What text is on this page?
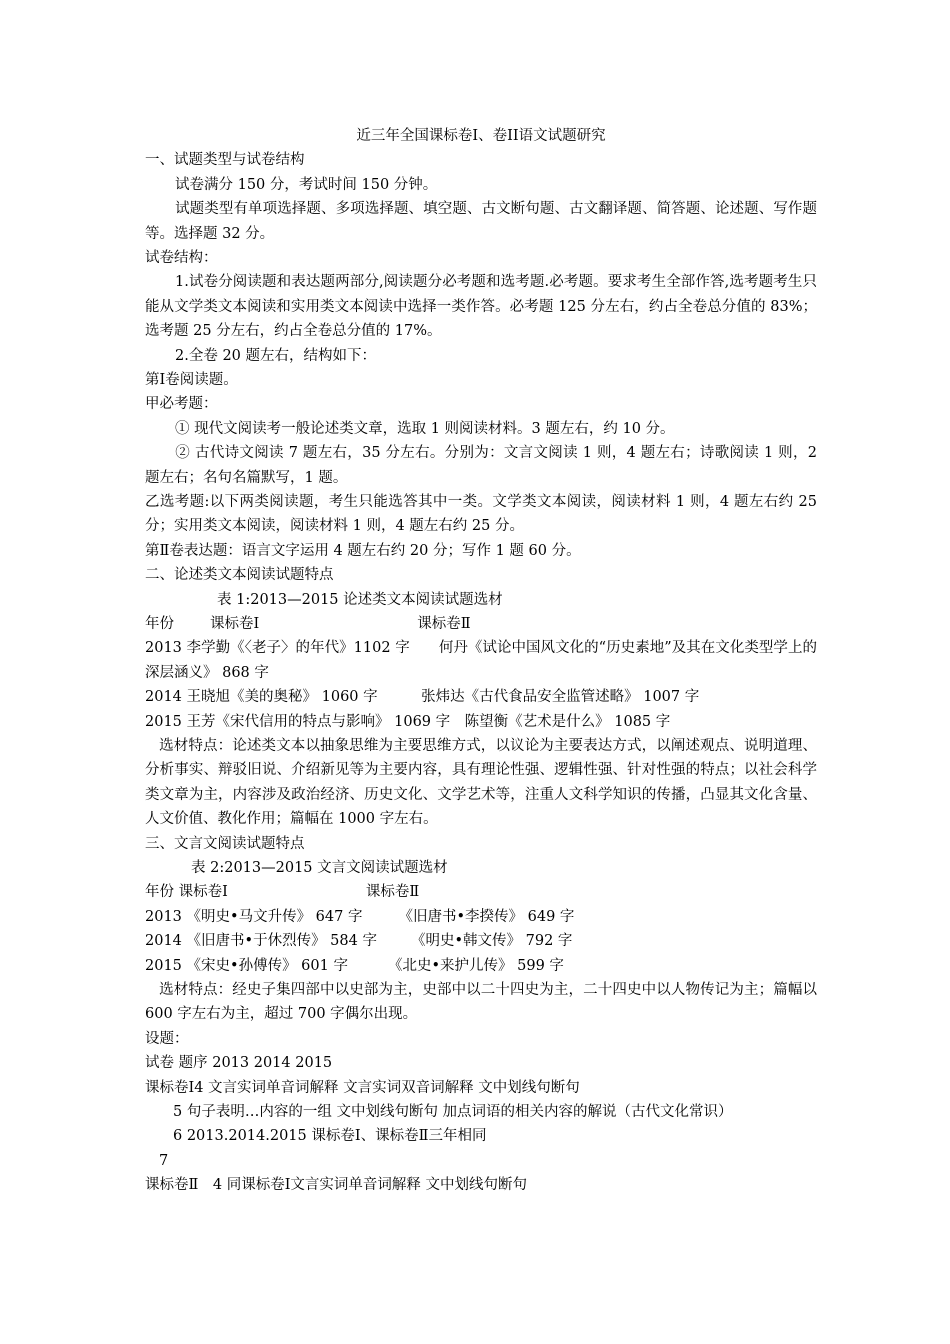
近三年全国课标卷I、卷II语文试题研究
一、试题类型与试卷结构
试卷满分 150 分，考试时间 150 分钟。
试题类型有单项选择题、多项选择题、填空题、古文断句题、古文翻译题、简答题、论述题、写作题等。选择题 32 分。
试卷结构：
1.试卷分阅读题和表达题两部分,阅读题分必考题和选考题.必考题。要求考生全部作答,选考题考生只能从文学类文本阅读和实用类文本阅读中选择一类作答。必考题 125 分左右，约占全卷总分值的 83%；选考题 25 分左右，约占全卷总分值的 17%。
2.全卷 20 题左右，结构如下：
第Ⅰ卷阅读题。
甲必考题：
① 现代文阅读考一般论述类文章，选取 1 则阅读材料。3 题左右，约 10 分。
② 古代诗文阅读 7 题左右，35 分左右。分别为：文言文阅读 1 则，4 题左右；诗歌阅读 1 则，2 题左右；名句名篇默写，1 题。
乙选考题:以下两类阅读题，考生只能选答其中一类。文学类文本阅读，阅读材料 1 则，4 题左右约 25 分；实用类文本阅读，阅读材料 1 则，4 题左右约 25 分。
第Ⅱ卷表达题：语言文字运用 4 题左右约 20 分；写作 1 题 60 分。
二、论述类文本阅读试题特点
表 1:2013—2015 论述类文本阅读试题选材
年份 课标卷Ⅰ	课标卷Ⅱ
2013 李学勤《〈老子〉的年代》1102 字　　何丹《试论中国风文化的“历史素地”及其在文化类型学上的深层涵义》 868 字
2014 王晓旭《美的奥秘》 1060 字　　　张炜达《古代食品安全监管述略》 1007 字
2015 王芳《宋代信用的特点与影响》 1069 字　陈望衡《艺术是什么》 1085 字
选材特点：论述类文本以抽象思维为主要思维方式，以议论为主要表达方式，以阐述观点、说明道理、分析事实、辩驳旧说、介绍新见等为主要内容，具有理论性强、逻辑性强、针对性强的特点；以社会科学类文章为主，内容涉及政治经济、历史文化、文学艺术等，注重人文科学知识的传播，凸显其文化含量、人文价值、教化作用；篇幅在 1000 字左右。
三、文言文阅读试题特点
表 2:2013—2015 文言文阅读试题选材
年份 课标卷Ⅰ	课标卷Ⅱ
2013 《明史•马文升传》 647 字 《旧唐书•李揆传》 649 字
2014 《旧唐书•于休烈传》 584 字 《明史•韩文传》 792 字
2015 《宋史•孙傅传》 601 字	《北史•来护儿传》 599 字
选材特点：经史子集四部中以史部为主，史部中以二十四史为主，二十四史中以人物传记为主；篇幅以 600 字左右为主，超过 700 字偶尔出现。
设题：
试卷 题序 2013 2014 2015
课标卷Ⅰ4 文言实词单音词解释 文言实词双音词解释 文中划线句断句
5 句子表明…内容的一组 文中划线句断句 加点词语的相关内容的解说（古代文化常识）
6 2013.2014.2015 课标卷Ⅰ、课标卷Ⅱ三年相同
7
课标卷Ⅱ　4 同课标卷Ⅰ文言实词单音词解释 文中划线句断句
